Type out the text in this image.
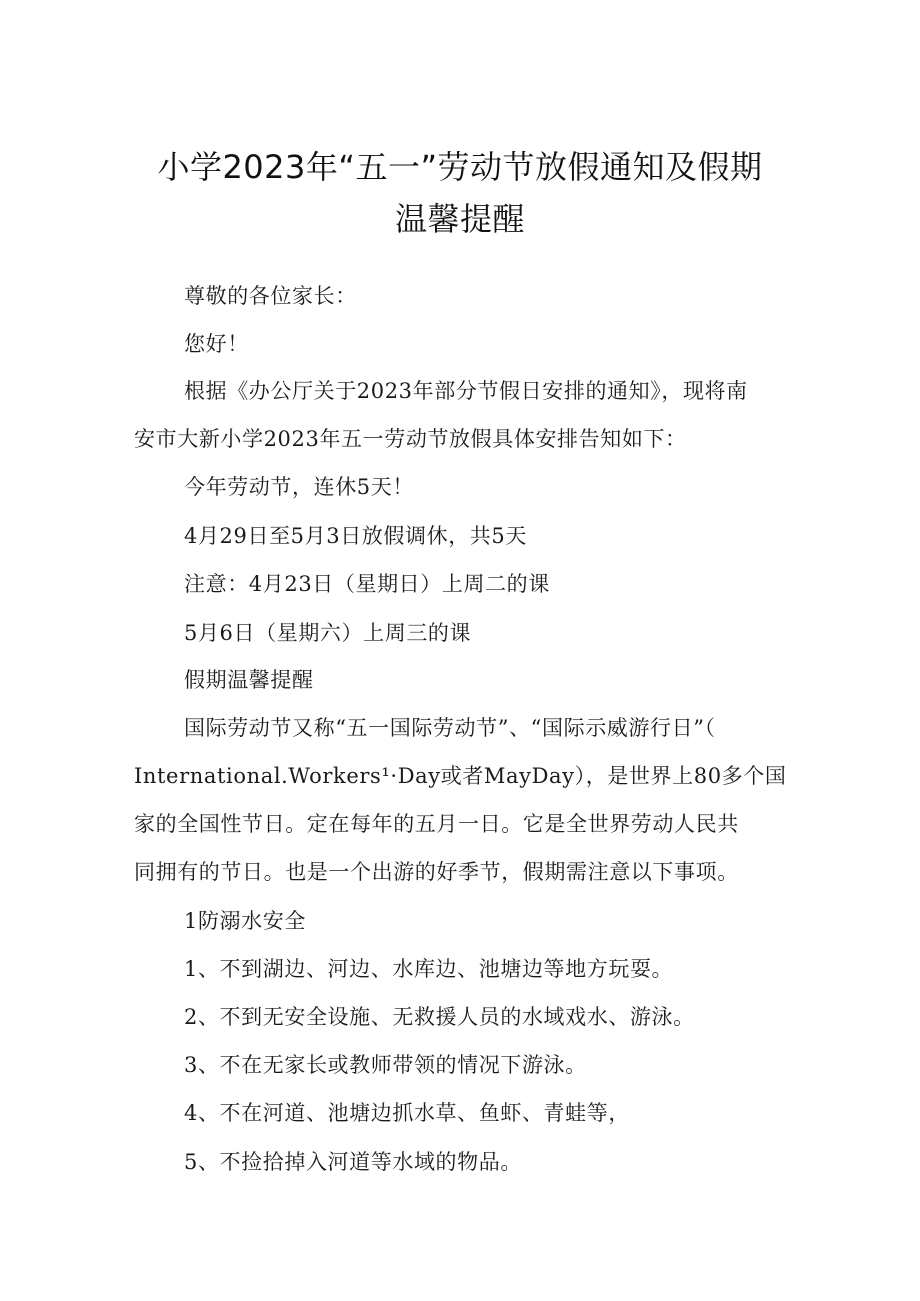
小学2023年“五一”劳动节放假通知及假期
温馨提醒
尊敬的各位家长：
您好！
根据《办公厅关于2023年部分节假日安排的通知》，现将南
安市大新小学2023年五一劳动节放假具体安排告知如下：
今年劳动节，连休5天！
4月29日至5月3日放假调休，共5天
注意：4月23日（星期日）上周二的课
5月6日（星期六）上周三的课
假期温馨提醒
国际劳动节又称“五一国际劳动节”、“国际示威游行日”（
International.Workers¹·Day或者MayDay），是世界上80多个国
家的全国性节日。定在每年的五月一日。它是全世界劳动人民共
同拥有的节日。也是一个出游的好季节，假期需注意以下事项。
1防溺水安全
1、不到湖边、河边、水库边、池塘边等地方玩耍。
2、不到无安全设施、无救援人员的水域戏水、游泳。
3、不在无家长或教师带领的情况下游泳。
4、不在河道、池塘边抓水草、鱼虾、青蛙等，
5、不捡拾掉入河道等水域的物品。
